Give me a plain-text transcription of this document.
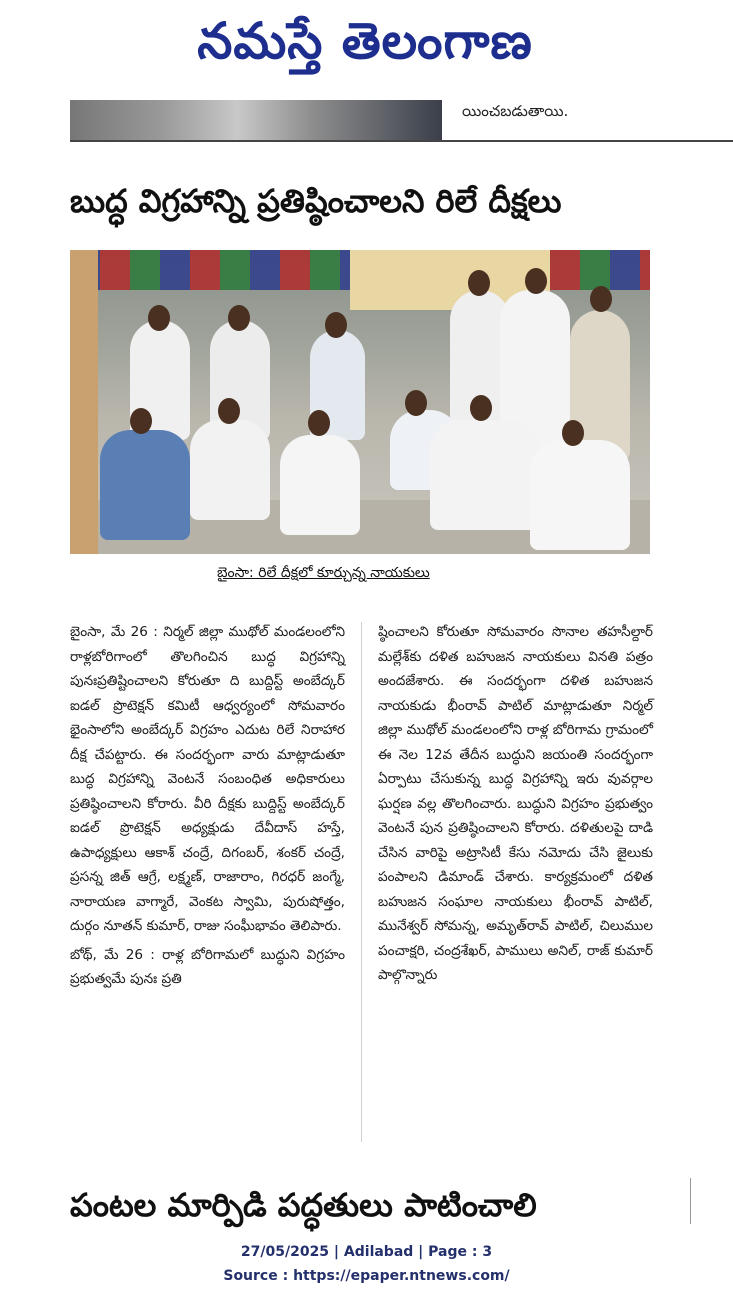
నమస్తే తెలంగాణ
యించబడుతాయి.
బుద్ధ విగ్రహాన్ని ప్రతిష్ఠించాలని రిలే దీక్షలు
బైంసా: రిలే దీక్షలో కూర్చున్న నాయకులు

బైంసా, మే 26 : నిర్మల్ జిల్లా ముథోల్ మండలంలోని రాళ్లబోరిగాంలో తొలగించిన బుద్ధ విగ్రహాన్ని పునఃప్రతిష్టించాలని కోరుతూ ది బుద్దిస్ట్ అంబేద్కర్ ఐడల్ ప్రొటెక్షన్ కమిటీ ఆధ్వర్యంలో సోమవారం భైంసాలోని అంబేద్కర్ విగ్రహం ఎదుట రిలే నిరాహార దీక్ష చేపట్టారు. ఈ సందర్భంగా వారు మాట్లాడుతూ బుద్ధ విగ్రహాన్ని వెంటనే సంబంధిత అధికారులు ప్రతిష్ఠించాలని కోరారు. వీరి దీక్షకు బుద్దిస్ట్ అంబేద్కర్ ఐడల్ ప్రొటెక్షన్ అధ్యక్షుడు దేవీదాస్ హస్తే, ఉపాధ్యక్షులు ఆకాశ్ చంద్రే, దిగంబర్, శంకర్ చంద్రే, ప్రసన్న జిత్ ఆగ్రే, లక్ష్మణ్, రాజారాం, గిరధర్ జంగ్మే, నారాయణ వాగ్మారే, వెంకట స్వామి, పురుషోత్తం, దుర్గం నూతన్ కుమార్, రాజు సంఘీభావం తెలిపారు.

బోథ్, మే 26 : రాళ్ల బోరిగామలో బుద్ధుని విగ్రహం ప్రభుత్వమే పునః ప్రతి

ష్ఠించాలని కోరుతూ సోమవారం సొనాల తహసీల్దార్ మల్లేశ్‌కు దళిత బహుజన నాయకులు వినతి పత్రం అందజేశారు. ఈ సందర్భంగా దళిత బహుజన నాయకుడు భీంరావ్ పాటిల్ మాట్లాడుతూ నిర్మల్ జిల్లా ముథోల్ మండలంలోని రాళ్ల బోరిగామ గ్రామంలో ఈ నెల 12వ తేదీన బుద్ధుని జయంతి సందర్భంగా ఏర్పాటు చేసుకున్న బుద్ధ విగ్రహాన్ని ఇరు వువర్గాల ఘర్షణ వల్ల తొలగించారు. బుద్ధుని విగ్రహం ప్రభుత్వం వెంటనే పున ప్రతిష్ఠించాలని కోరారు. దళితులపై దాడి చేసిన వారిపై అట్రాసిటీ కేసు నమోదు చేసి జైలుకు పంపాలని డిమాండ్ చేశారు. కార్యక్రమంలో దళిత బహుజన సంఘాల నాయకులు భీంరావ్ పాటిల్, మునేశ్వర్ సోమన్న, అమృత్‌రావ్ పాటిల్, చిలుముల పంచాక్షరి, చంద్రశేఖర్, పాములు అనిల్, రాజ్ కుమార్ పాల్గొన్నారు

పంటల మార్పిడి పద్ధతులు పాటించాలి
27/05/2025 | Adilabad | Page : 3
Source : https://epaper.ntnews.com/
